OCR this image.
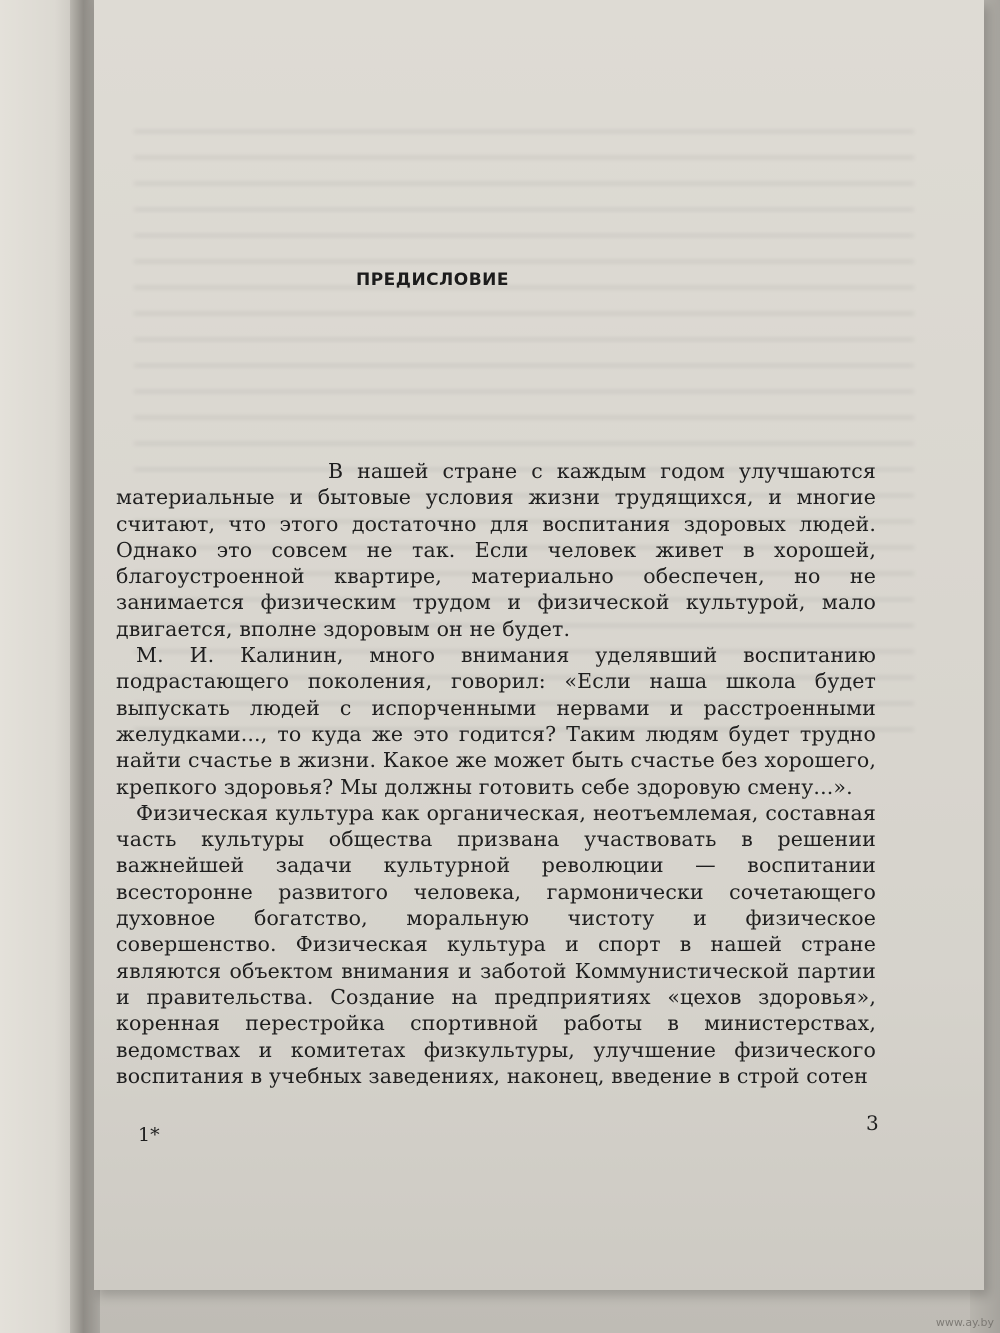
ПРЕДИСЛОВИЕ

В нашей стране с каждым годом улучшаются материальные и бытовые условия жизни трудящихся, и многие считают, что этого достаточно для воспитания здоровых людей. Однако это совсем не так. Если человек живет в хорошей, благоустроенной квартире, материально обеспечен, но не занимается физическим трудом и физической культурой, мало двигается, вполне здоровым он не будет.

М. И. Калинин, много внимания уделявший воспитанию подрастающего поколения, говорил: «Если наша школа будет выпускать людей с испорченными нервами и расстроенными желудками..., то куда же это годится? Таким людям будет трудно найти счастье в жизни. Какое же может быть счастье без хорошего, крепкого здоровья? Мы должны готовить себе здоровую смену...».

Физическая культура как органическая, неотъемлемая, составная часть культуры общества призвана участвовать в решении важнейшей задачи культурной революции — воспитании всесторонне развитого человека, гармонически сочетающего духовное богатство, моральную чистоту и физическое совершенство. Физическая культура и спорт в нашей стране являются объектом внимания и заботой Коммунистической партии и правительства. Создание на предприятиях «цехов здоровья», коренная перестройка спортивной работы в министерствах, ведомствах и комитетах физкультуры, улучшение физического воспитания в учебных заведениях, наконец, введение в строй сотен

1*	3
www.ay.by
